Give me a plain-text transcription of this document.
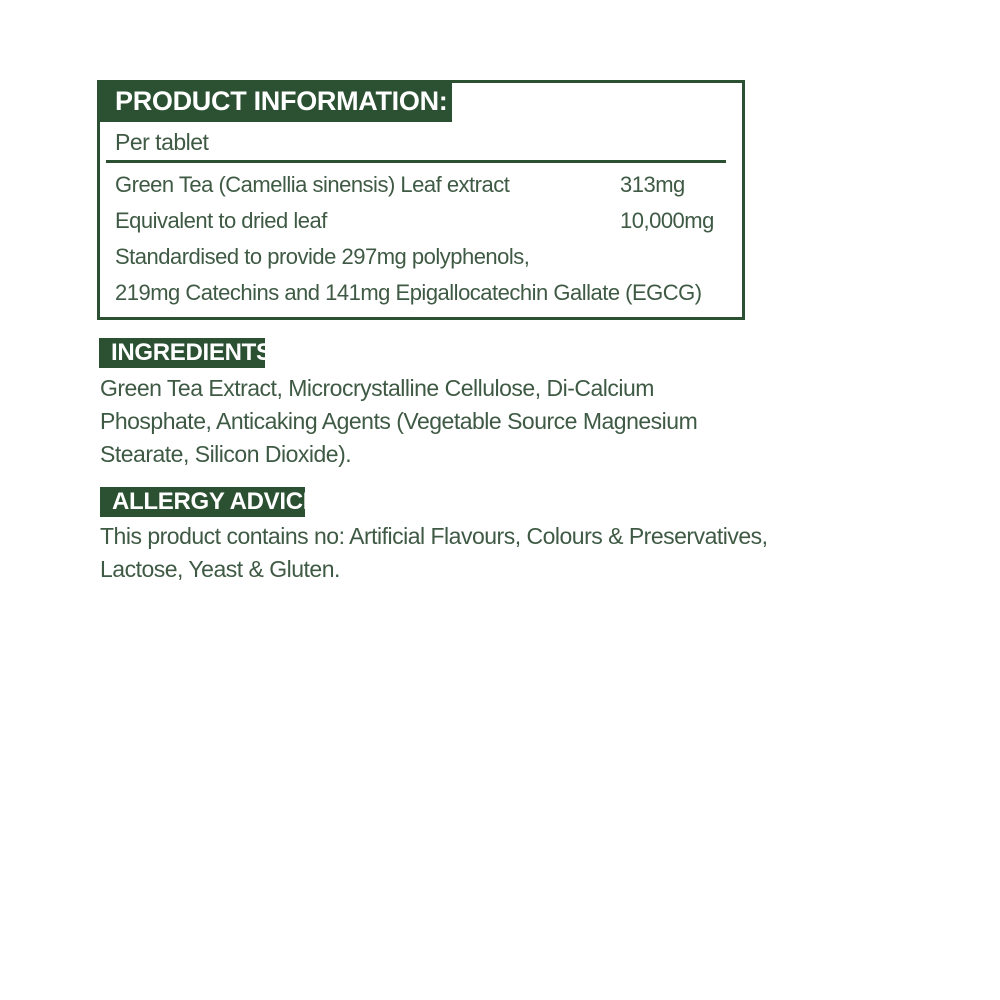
PRODUCT INFORMATION:
Per tablet
Green Tea (Camellia sinensis) Leaf extract	313mg
Equivalent to dried leaf	10,000mg
Standardised to provide 297mg polyphenols,
219mg Catechins and 141mg Epigallocatechin Gallate (EGCG)
INGREDIENTS:
Green Tea Extract, Microcrystalline Cellulose, Di-Calcium
Phosphate, Anticaking Agents (Vegetable Source Magnesium
Stearate, Silicon Dioxide).
ALLERGY ADVICE:
This product contains no: Artificial Flavours, Colours & Preservatives,
Lactose, Yeast & Gluten.
